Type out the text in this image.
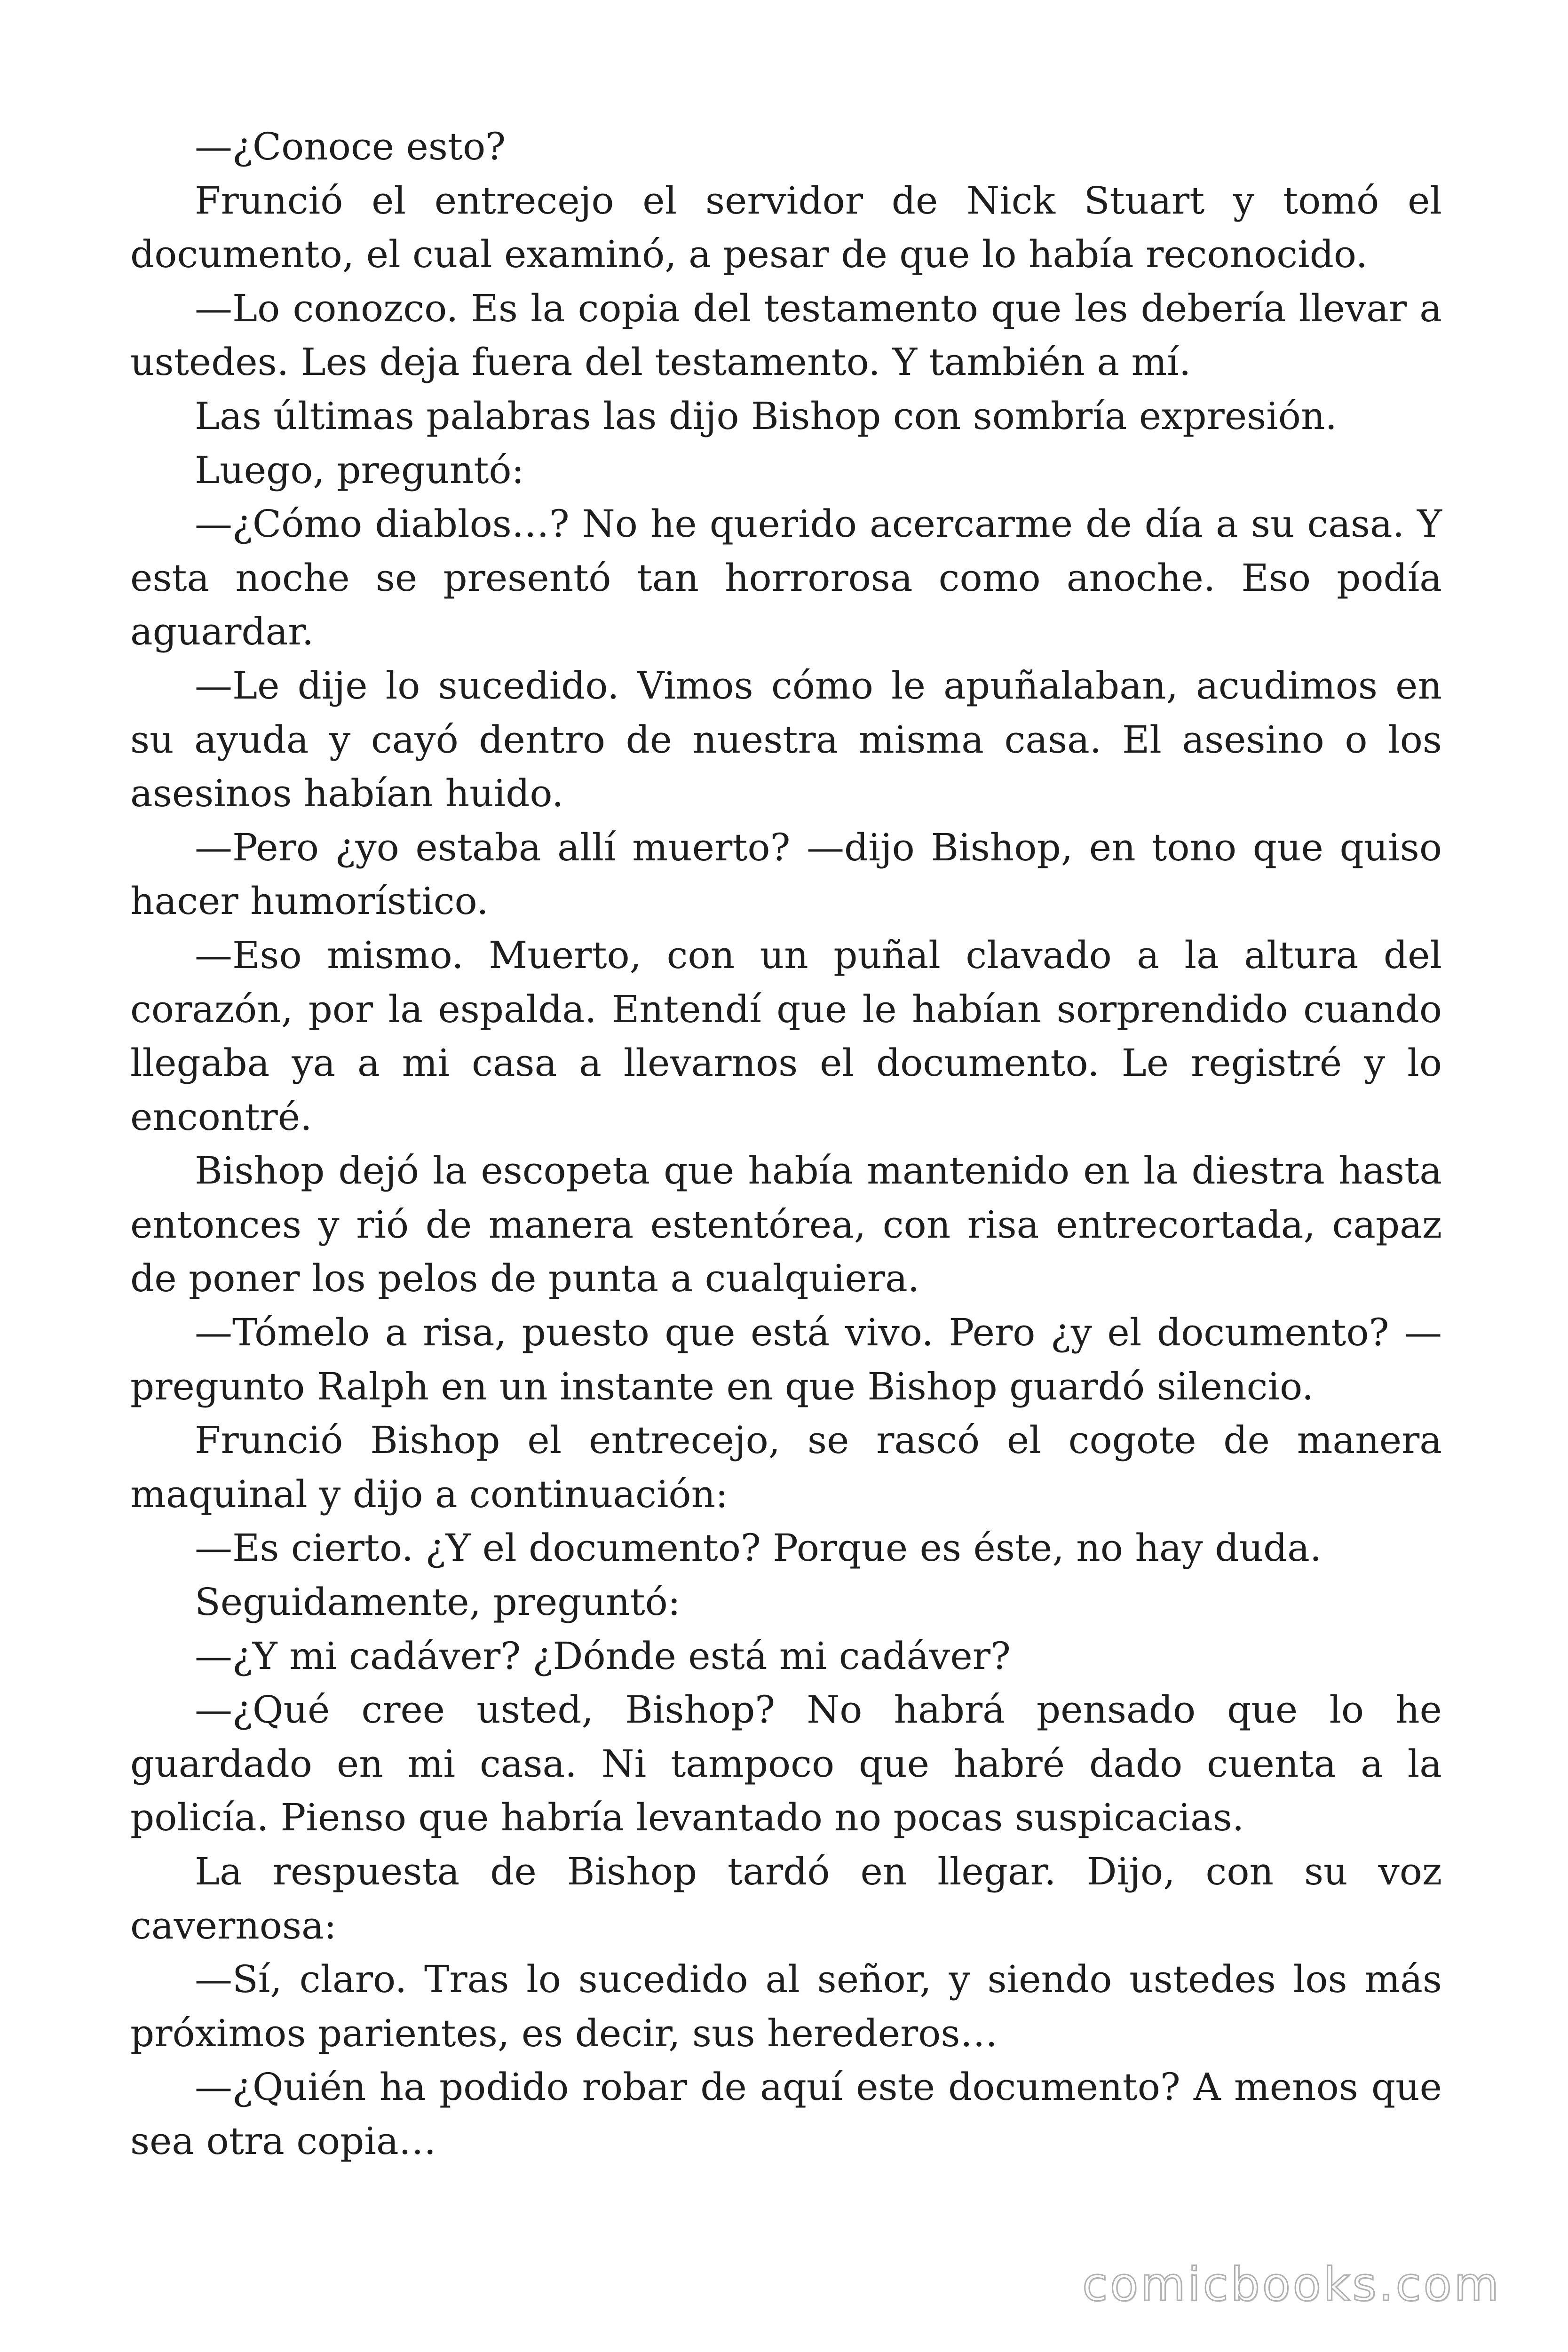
—¿Conoce esto?

Frunció el entrecejo el servidor de Nick Stuart y tomó el documento, el cual examinó, a pesar de que lo había reconocido.

—Lo conozco. Es la copia del testamento que les debería llevar a ustedes. Les deja fuera del testamento. Y también a mí.

Las últimas palabras las dijo Bishop con sombría expresión.

Luego, preguntó:

—¿Cómo diablos…? No he querido acercarme de día a su casa. Y esta noche se presentó tan horrorosa como anoche. Eso podía aguardar.

—Le dije lo sucedido. Vimos cómo le apuñalaban, acudimos en su ayuda y cayó dentro de nuestra misma casa. El asesino o los asesinos habían huido.

—Pero ¿yo estaba allí muerto? —dijo Bishop, en tono que quiso hacer humorístico.

—Eso mismo. Muerto, con un puñal clavado a la altura del corazón, por la espalda. Entendí que le habían sorprendido cuando llegaba ya a mi casa a llevarnos el documento. Le registré y lo encontré.

Bishop dejó la escopeta que había mantenido en la diestra hasta entonces y rió de manera estentórea, con risa entrecortada, capaz de poner los pelos de punta a cualquiera.

—Tómelo a risa, puesto que está vivo. Pero ¿y el documento? —pregunto Ralph en un instante en que Bishop guardó silencio.

Frunció Bishop el entrecejo, se rascó el cogote de manera maquinal y dijo a continuación:

—Es cierto. ¿Y el documento? Porque es éste, no hay duda.

Seguidamente, preguntó:

—¿Y mi cadáver? ¿Dónde está mi cadáver?

—¿Qué cree usted, Bishop? No habrá pensado que lo he guardado en mi casa. Ni tampoco que habré dado cuenta a la policía. Pienso que habría levantado no pocas suspicacias.

La respuesta de Bishop tardó en llegar. Dijo, con su voz cavernosa:

—Sí, claro. Tras lo sucedido al señor, y siendo ustedes los más próximos parientes, es decir, sus herederos…

—¿Quién ha podido robar de aquí este documento? A menos que sea otra copia…

comicbooks.com
